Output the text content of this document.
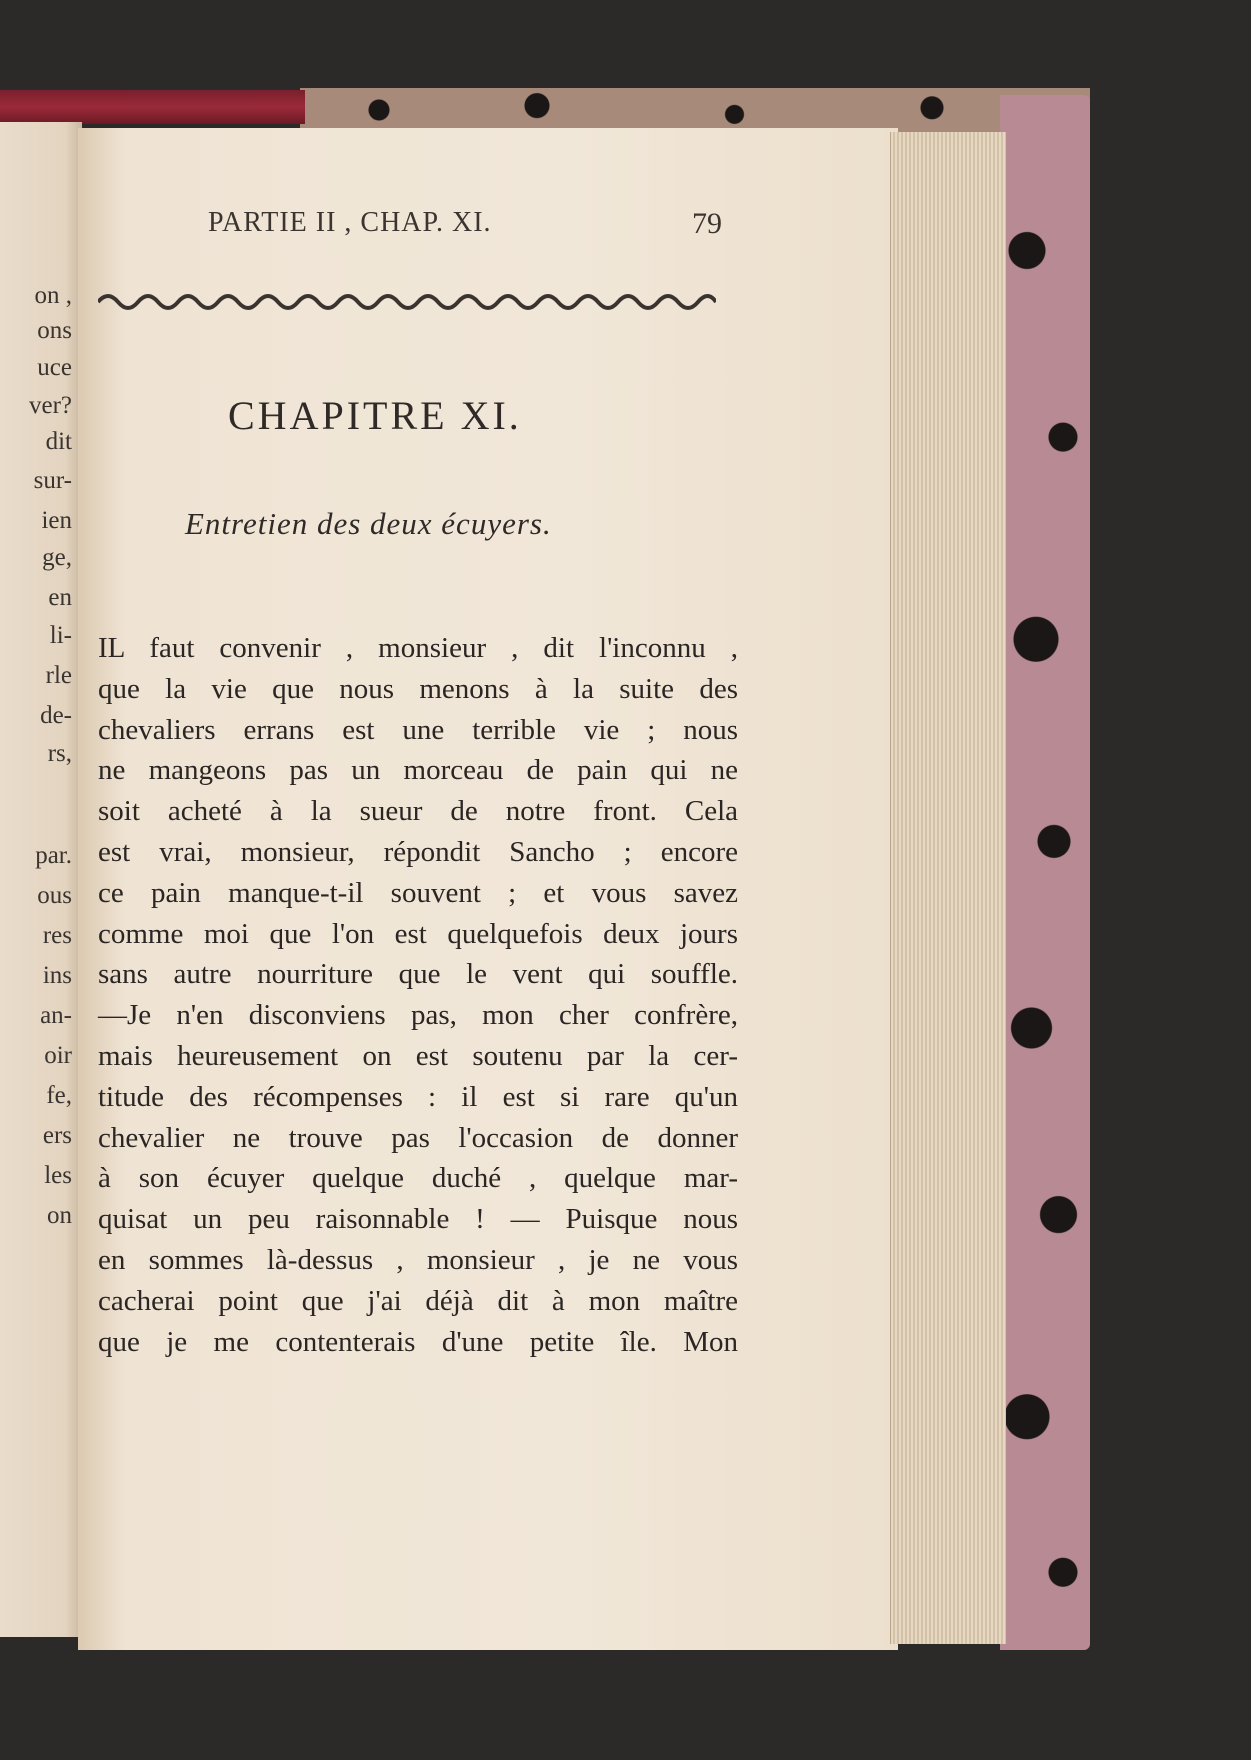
on ,
ons
uce
ver?
dit
sur-
ien
ge,
en
li-
rle
de-
rs,
par.
ous
res
ins
an-
oir
fe,
ers
les
on
PARTIE II , CHAP. XI.	79
CHAPITRE XI.
Entretien des deux écuyers.
IL faut convenir , monsieur , dit l'inconnu ,
que la vie que nous menons à la suite des
chevaliers errans est une terrible vie ; nous
ne mangeons pas un morceau de pain qui ne
soit acheté à la sueur de notre front. Cela
est vrai, monsieur, répondit Sancho ; encore
ce pain manque-t-il souvent ; et vous savez
comme moi que l'on est quelquefois deux jours
sans autre nourriture que le vent qui souffle.
—Je n'en disconviens pas, mon cher confrère,
mais heureusement on est soutenu par la cer-
titude des récompenses : il est si rare qu'un
chevalier ne trouve pas l'occasion de donner
à son écuyer quelque duché , quelque mar-
quisat un peu raisonnable ! — Puisque nous
en sommes là-dessus , monsieur , je ne vous
cacherai point que j'ai déjà dit à mon maître
que je me contenterais d'une petite île. Mon
